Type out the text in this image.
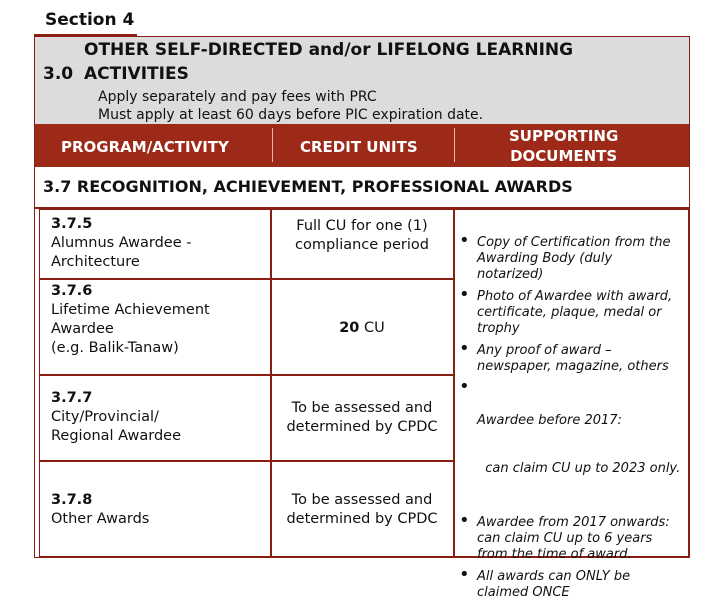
Section 4
3.0
OTHER SELF-DIRECTED and/or LIFELONG LEARNING
ACTIVITIES
Apply separately and pay fees with PRC
Must apply at least 60 days before PIC expiration date.
PROGRAM/ACTIVITY	CREDIT UNITS
SUPPORTING
DOCUMENTS
3.7 RECOGNITION, ACHIEVEMENT, PROFESSIONAL AWARDS
3.7.5
Alumnus Awardee -
Architecture
3.7.6
Lifetime Achievement
Awardee
(e.g. Balik-Tanaw)
3.7.7
City/Provincial/
Regional Awardee
3.7.8
Other Awards
Full CU for one (1)
compliance period
20 CU
To be assessed and
determined by CPDC
To be assessed and
determined by CPDC
• Copy of Certification from the
Awarding Body (duly
notarized)
• Photo of Awardee with award,
certificate, plaque, medal or
trophy
• Any proof of award –
newspaper, magazine, others
•

Awardee before 2017:

can claim CU up to 2023 only.

• Awardee from 2017 onwards:
can claim CU up to 6 years
from the time of award.
• All awards can ONLY be
claimed ONCE
